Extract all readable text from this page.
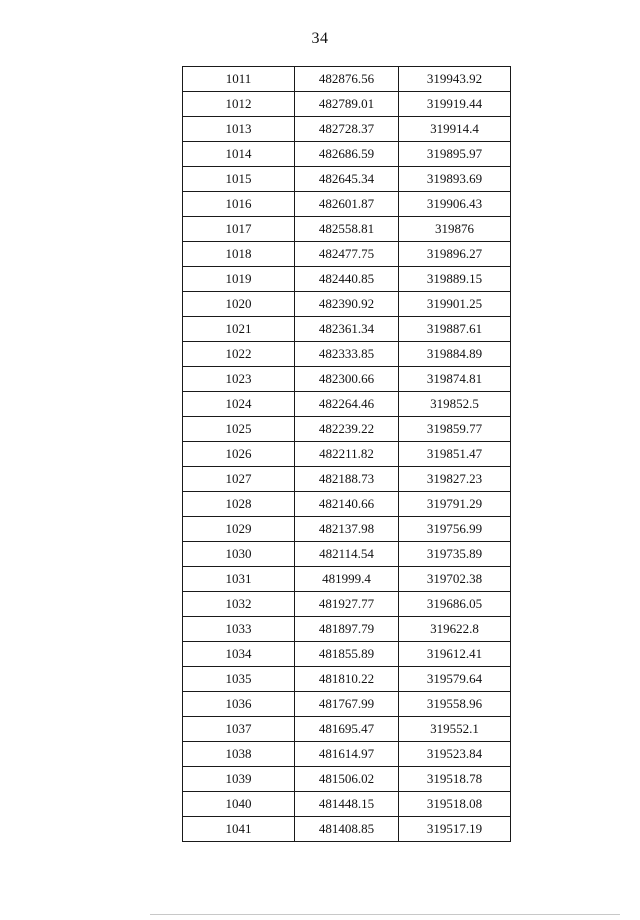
34
1011	482876.56	319943.92
1012	482789.01	319919.44
1013	482728.37	319914.4
1014	482686.59	319895.97
1015	482645.34	319893.69
1016	482601.87	319906.43
1017	482558.81	319876
1018	482477.75	319896.27
1019	482440.85	319889.15
1020	482390.92	319901.25
1021	482361.34	319887.61
1022	482333.85	319884.89
1023	482300.66	319874.81
1024	482264.46	319852.5
1025	482239.22	319859.77
1026	482211.82	319851.47
1027	482188.73	319827.23
1028	482140.66	319791.29
1029	482137.98	319756.99
1030	482114.54	319735.89
1031	481999.4	319702.38
1032	481927.77	319686.05
1033	481897.79	319622.8
1034	481855.89	319612.41
1035	481810.22	319579.64
1036	481767.99	319558.96
1037	481695.47	319552.1
1038	481614.97	319523.84
1039	481506.02	319518.78
1040	481448.15	319518.08
1041	481408.85	319517.19
